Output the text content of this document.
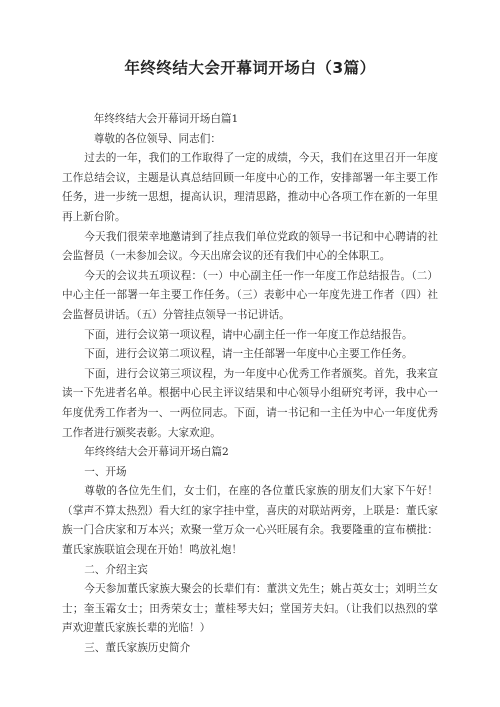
年终终结大会开幕词开场白（3篇）

年终终结大会开幕词开场白篇1

尊敬的各位领导、同志们：

过去的一年，我们的工作取得了一定的成绩，今天，我们在这里召开一年度工作总结会议，主题是认真总结回顾一年度中心的工作，安排部署一年主要工作任务，进一步统一思想，提高认识，理清思路，推动中心各项工作在新的一年里再上新台阶。

今天我们很荣幸地邀请到了挂点我们单位党政的领导一书记和中心聘请的社会监督员（一未参加会议。今天出席会议的还有我们中心的全体职工。

今天的会议共五项议程：（一）中心副主任一作一年度工作总结报告。（二）中心主任一部署一年主要工作任务。（三）表彰中心一年度先进工作者（四）社会监督员讲话。（五）分管挂点领导一书记讲话。

下面，进行会议第一项议程，请中心副主任一作一年度工作总结报告。

下面，进行会议第二项议程，请一主任部署一年度中心主要工作任务。

下面，进行会议第三项议程，为一年度中心优秀工作者颁奖。首先，我来宣读一下先进者名单。根据中心民主评议结果和中心领导小组研究考评，我中心一年度优秀工作者为一、一两位同志。下面，请一书记和一主任为中心一年度优秀工作者进行颁奖表彰。大家欢迎。

年终终结大会开幕词开场白篇2

一、开场

尊敬的各位先生们，女士们，在座的各位董氏家族的朋友们大家下午好！（掌声不算太热烈）看大红的家字挂中堂，喜庆的对联站两旁，上联是：董氏家族一门合庆家和万本兴；欢聚一堂万众一心兴旺展有余。我要隆重的宣布横批：董氏家族联谊会现在开始！鸣放礼炮！

二、介绍主宾

今天参加董氏家族大聚会的长辈们有：董洪文先生；姚占英女士；刘明兰女士；奎玉霜女士；田秀荣女士；董桂琴夫妇；堂国芳夫妇。（让我们以热烈的掌声欢迎董氏家族长辈的光临！）

三、董氏家族历史简介
